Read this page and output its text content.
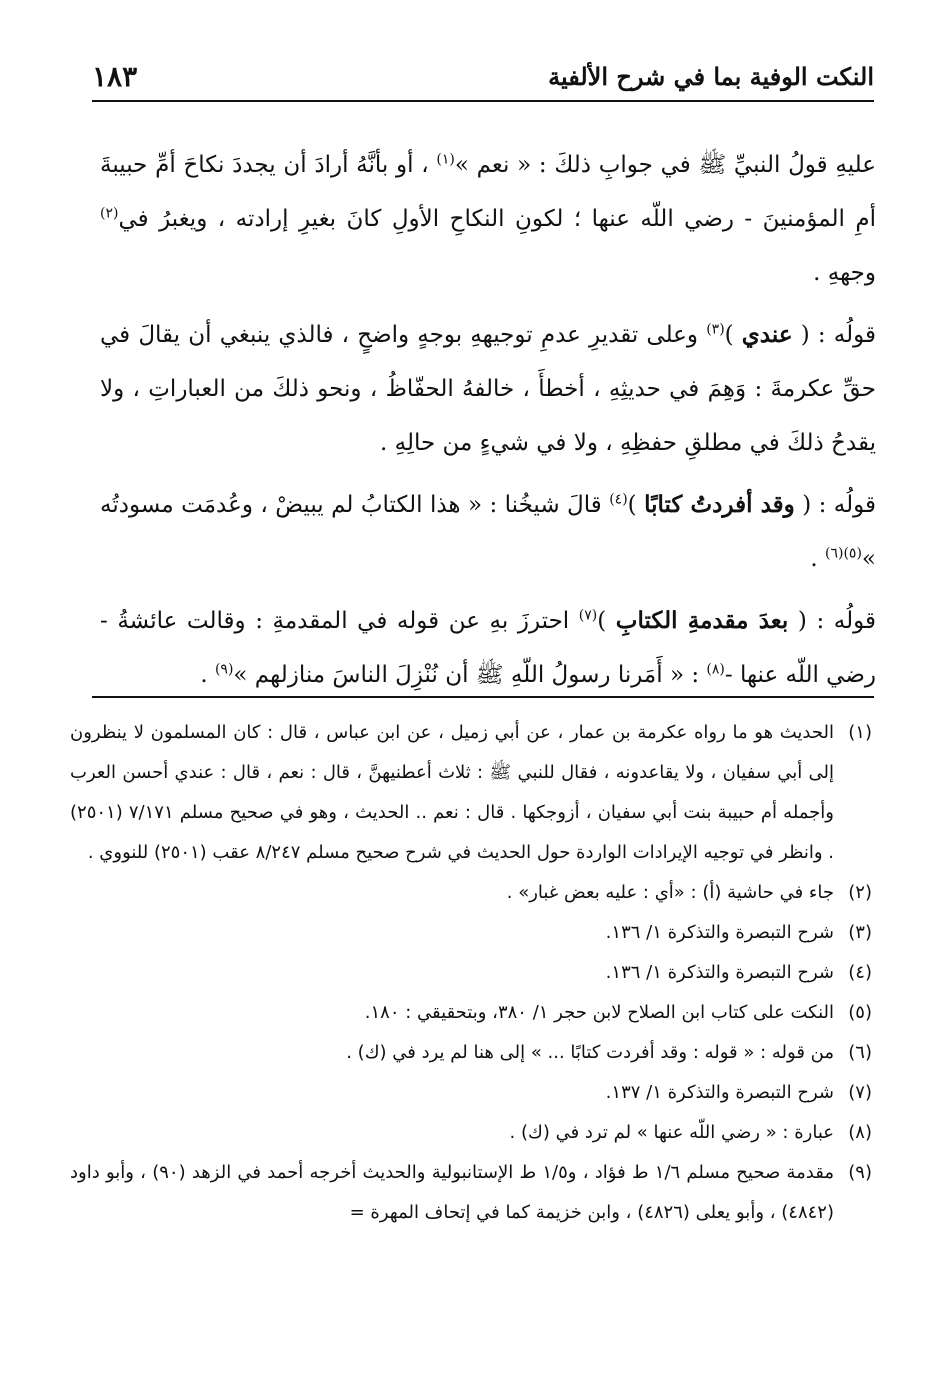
النكت الوفية بما في شرح الألفية
١٨٣

عليهِ قولُ النبيِّ ﷺ في جوابِ ذلكَ : « نعم »$^{(١)}$ ، أو بأنَّهُ أرادَ أن يجددَ نكاحَ أمِّ حبيبةَ أمِ المؤمنينَ - رضي اللّه عنها ؛ لكونِ النكاحِ الأولِ كانَ بغيرِ إرادته ، ويغبرُ في$^{(٢)}$ وجههِ .

قولُه : ( عندي )$^{(٣)}$ وعلى تقديرِ عدمِ توجيههِ بوجهٍ واضحٍ ، فالذي ينبغي أن يقالَ في حقِّ عكرمةَ : وَهِمَ في حديثِهِ ، أخطأَ ، خالفهُ الحفّاظُ ، ونحو ذلكَ من العباراتِ ، ولا يقدحُ ذلكَ في مطلقِ حفظِهِ ، ولا في شيءٍ من حالِهِ .

قولُه : ( وقد أفردتُ كتابًا )$^{(٤)}$ قالَ شيخُنا : « هذا الكتابُ لم يبيضْ ، وعُدمَت مسودتُه »$^{(٥)(٦)}$ .

قولُه : ( بعدَ مقدمةِ الكتابِ )$^{(٧)}$ احترزَ بهِ عن قوله في المقدمةِ : وقالت عائشةُ - رضي اللّه عنها -$^{(٨)}$ : « أَمَرنا رسولُ اللّهِ ﷺ أن نُنْزِلَ الناسَ منازلهم »$^{(٩)}$ .

(١)
الحديث هو ما رواه عكرمة بن عمار ، عن أبي زميل ، عن ابن عباس ، قال : كان المسلمون لا ينظرون إلى أبي سفيان ، ولا يقاعدونه ، فقال للنبي ﷺ : ثلاث أعطنيهنَّ ، قال : نعم ، قال : عندي أحسن العرب وأجمله أم حبيبة بنت أبي سفيان ، أزوجكها . قال : نعم .. الحديث ، وهو في صحيح مسلم ٧/١٧١ (٢٥٠١) . وانظر في توجيه الإيرادات الواردة حول الحديث في شرح صحيح مسلم ٨/٢٤٧ عقب (٢٥٠١) للنووي .
(٢)
جاء في حاشية (أ) : «أي : عليه بعض غبار» .
(٣)
شرح التبصرة والتذكرة ١/ ١٣٦.
(٤)
شرح التبصرة والتذكرة ١/ ١٣٦.
(٥)
النكت على كتاب ابن الصلاح لابن حجر ١/ ٣٨٠، وبتحقيقي : ١٨٠.
(٦)
من قوله : « قوله : وقد أفردت كتابًا ... » إلى هنا لم يرد في (ك) .
(٧)
شرح التبصرة والتذكرة ١/ ١٣٧.
(٨)
عبارة : « رضي اللّه عنها » لم ترد في (ك) .
(٩)
مقدمة صحيح مسلم ١/٦ ط فؤاد ، و١/٥ ط الإستانبولية والحديث أخرجه أحمد في الزهد (٩٠) ، وأبو داود (٤٨٤٢) ، وأبو يعلى (٤٨٢٦) ، وابن خزيمة كما في إتحاف المهرة =
